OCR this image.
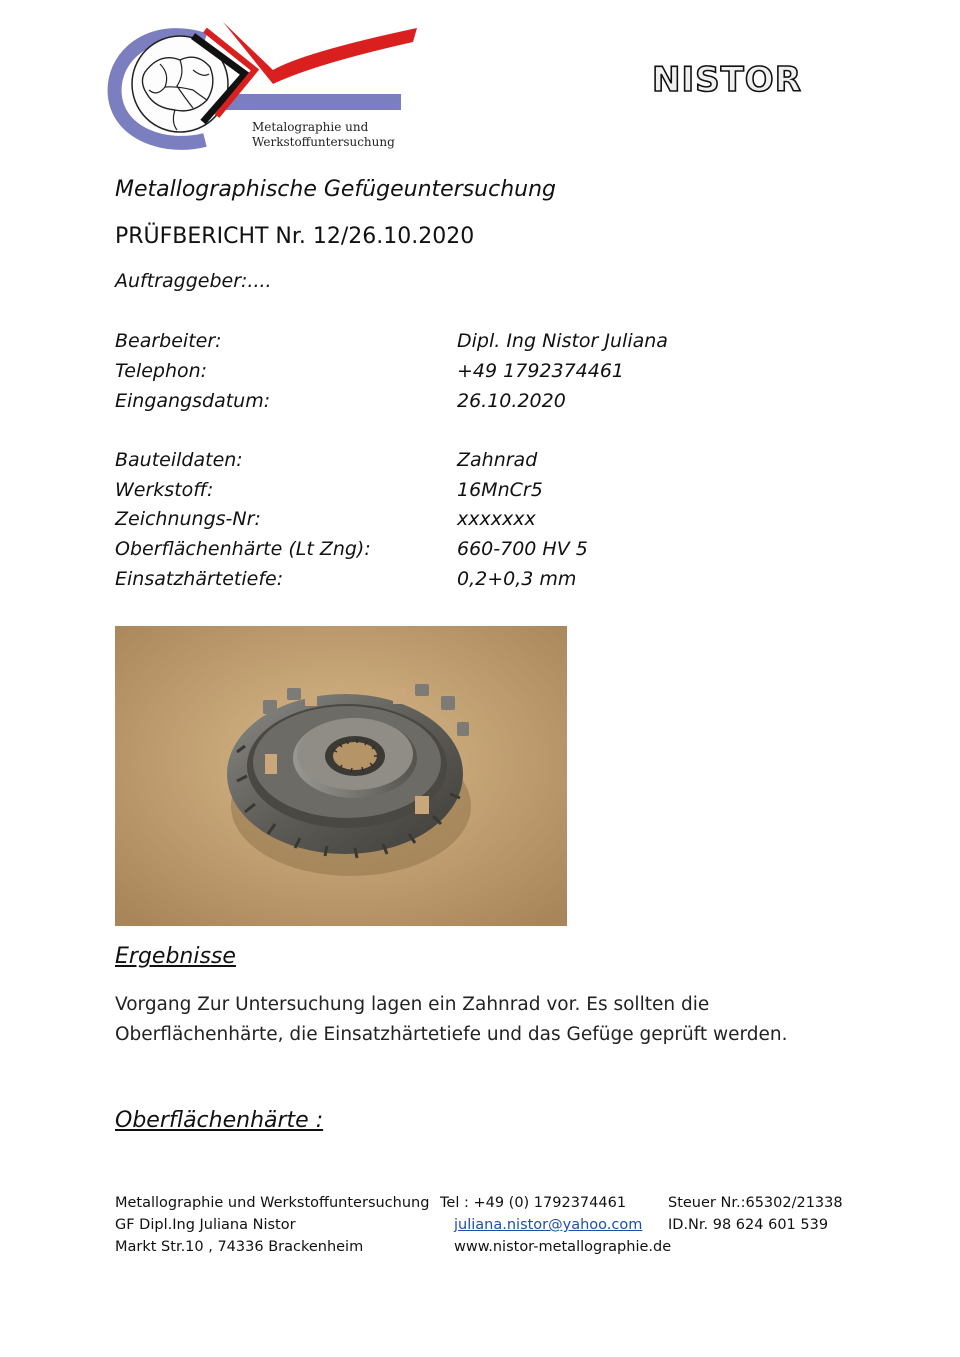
Metalographie und
Werkstoffuntersuchung
NISTOR
Metallographische Gefügeuntersuchung
PRÜFBERICHT Nr. 12/26.10.2020
Auftraggeber:....
Bearbeiter:	Dipl. Ing Nistor Juliana
Telephon:	+49 1792374461
Eingangsdatum:	26.10.2020
Bauteildaten:	Zahnrad
Werkstoff:	16MnCr5
Zeichnungs-Nr:	xxxxxxx
Oberflächenhärte (Lt Zng):	660-700 HV 5
Einsatzhärtetiefe:	0,2+0,3 mm
Ergebnisse
Vorgang Zur Untersuchung lagen ein Zahnrad vor. Es sollten die Oberflächenhärte, die Einsatzhärtetiefe und das Gefüge geprüft werden.
Oberflächenhärte :
Metallographie und Werkstoffuntersuchung Tel : +49 (0) 1792374461	Steuer Nr.:65302/21338
GF Dipl.Ing Juliana Nistor	juliana.nistor@yahoo.com ID.Nr. 98 624 601 539
Markt Str.10 , 74336 Brackenheim	www.nistor-metallographie.de
